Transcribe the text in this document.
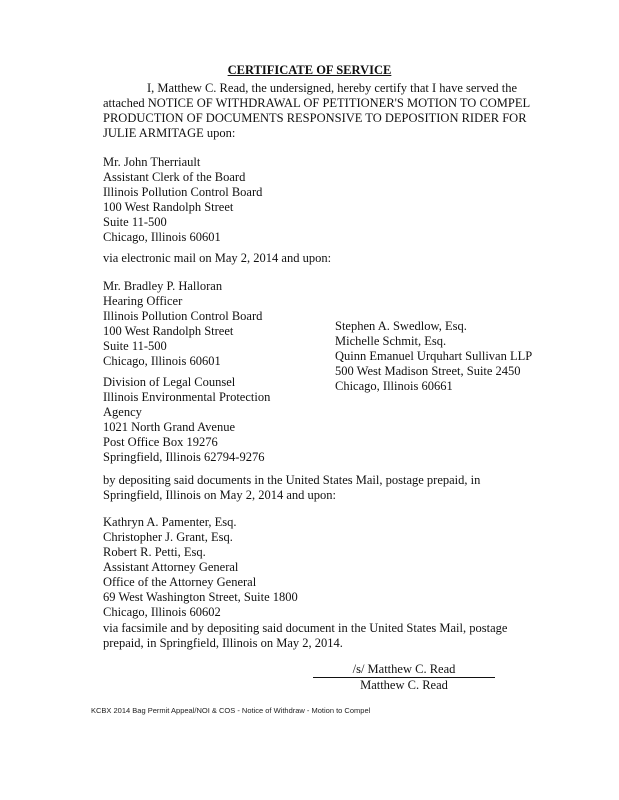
CERTIFICATE OF SERVICE
I, Matthew C. Read, the undersigned, hereby certify that I have served the attached NOTICE OF WITHDRAWAL OF PETITIONER'S MOTION TO COMPEL PRODUCTION OF DOCUMENTS RESPONSIVE TO DEPOSITION RIDER FOR JULIE ARMITAGE upon:
Mr. John Therriault
Assistant Clerk of the Board
Illinois Pollution Control Board
100 West Randolph Street
Suite 11-500
Chicago, Illinois 60601
via electronic mail on May 2, 2014 and upon:
Mr. Bradley P. Halloran
Hearing Officer
Illinois Pollution Control Board
100 West Randolph Street
Suite 11-500
Chicago, Illinois 60601
Stephen A. Swedlow, Esq.
Michelle Schmit, Esq.
Quinn Emanuel Urquhart Sullivan LLP
500 West Madison Street, Suite 2450
Chicago, Illinois 60661
Division of Legal Counsel
Illinois Environmental Protection
Agency
1021 North Grand Avenue
Post Office Box 19276
Springfield, Illinois 62794-9276
by depositing said documents in the United States Mail, postage prepaid, in Springfield, Illinois on May 2, 2014 and upon:
Kathryn A. Pamenter, Esq.
Christopher J. Grant, Esq.
Robert R. Petti, Esq.
Assistant Attorney General
Office of the Attorney General
69 West Washington Street, Suite 1800
Chicago, Illinois 60602
via facsimile and by depositing said document in the United States Mail, postage prepaid, in Springfield, Illinois on May 2, 2014.
/s/ Matthew C. Read
Matthew C. Read
KCBX 2014 Bag Permit Appeal/NOI & COS - Notice of Withdraw - Motion to Compel
